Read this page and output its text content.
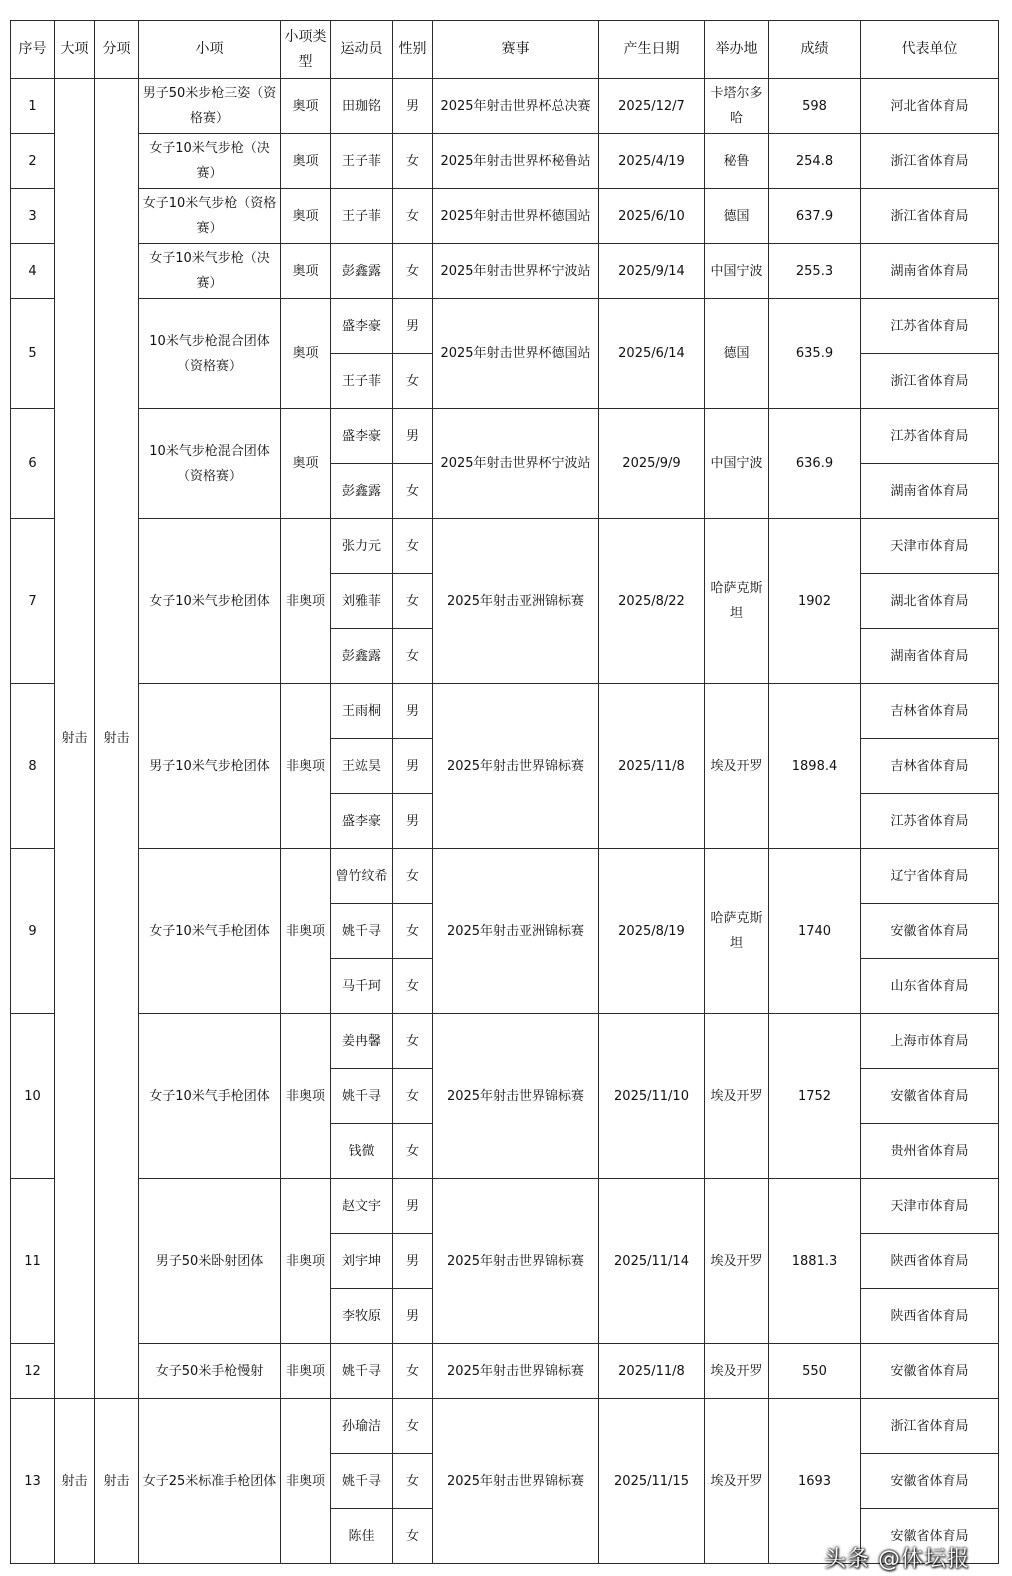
序号	大项	分项	小项	小项类型	运动员	性别	赛事	产生日期	举办地	成绩	代表单位
1	射击	射击	男子50米步枪三姿（资格赛）	奥项	田珈铭	男	2025年射击世界杯总决赛	2025/12/7	卡塔尔多哈	598	河北省体育局
2			女子10米气步枪（决赛）	奥项	王子菲	女	2025年射击世界杯秘鲁站	2025/4/19	秘鲁	254.8	浙江省体育局
3			女子10米气步枪（资格赛）	奥项	王子菲	女	2025年射击世界杯德国站	2025/6/10	德国	637.9	浙江省体育局
4			女子10米气步枪（决赛）	奥项	彭鑫露	女	2025年射击世界杯宁波站	2025/9/14	中国宁波	255.3	湖南省体育局
5			10米气步枪混合团体（资格赛）	奥项	盛李豪	男	2025年射击世界杯德国站	2025/6/14	德国	635.9	江苏省体育局
					王子菲	女					浙江省体育局
6			10米气步枪混合团体（资格赛）	奥项	盛李豪	男	2025年射击世界杯宁波站	2025/9/9	中国宁波	636.9	江苏省体育局
					彭鑫露	女					湖南省体育局
7			女子10米气步枪团体	非奥项	张力元	女	2025年射击亚洲锦标赛	2025/8/22	哈萨克斯坦	1902	天津市体育局
					刘雅菲	女					湖北省体育局
					彭鑫露	女					湖南省体育局
8			男子10米气步枪团体	非奥项	王雨桐	男	2025年射击世界锦标赛	2025/11/8	埃及开罗	1898.4	吉林省体育局
					王竑昊	男					吉林省体育局
					盛李豪	男					江苏省体育局
9			女子10米气手枪团体	非奥项	曾竹纹希	女	2025年射击亚洲锦标赛	2025/8/19	哈萨克斯坦	1740	辽宁省体育局
					姚千寻	女					安徽省体育局
					马千珂	女					山东省体育局
10			女子10米气手枪团体	非奥项	姜冉馨	女	2025年射击世界锦标赛	2025/11/10	埃及开罗	1752	上海市体育局
					姚千寻	女					安徽省体育局
					钱微	女					贵州省体育局
11			男子50米卧射团体	非奥项	赵文宇	男	2025年射击世界锦标赛	2025/11/14	埃及开罗	1881.3	天津市体育局
					刘宇坤	男					陕西省体育局
					李牧原	男					陕西省体育局
12			女子50米手枪慢射	非奥项	姚千寻	女	2025年射击世界锦标赛	2025/11/8	埃及开罗	550	安徽省体育局
13	射击	射击	女子25米标准手枪团体	非奥项	孙瑜洁	女	2025年射击世界锦标赛	2025/11/15	埃及开罗	1693	浙江省体育局
					姚千寻	女					安徽省体育局
					陈佳	女					安徽省体育局
头条 @体坛报
